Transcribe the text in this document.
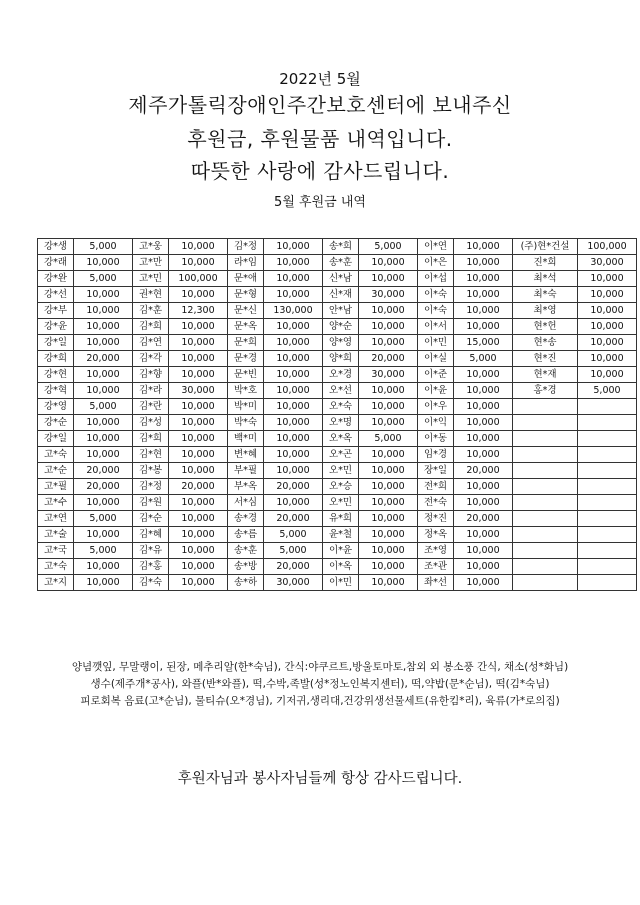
2022년 5월
제주가톨릭장애인주간보호센터에 보내주신
후원금, 후원물품 내역입니다.
따뜻한 사랑에 감사드립니다.
5월 후원금 내역
강*생	5,000	고*웅	10,000	김*정	10,000	송*희	5,000	이*연	10,000	(주)현*건설	100,000
강*래	10,000	고*만	10,000	라*임	10,000	송*훈	10,000	이*은	10,000	진*희	30,000
강*완	5,000	고*민	100,000	문*애	10,000	신*남	10,000	이*섭	10,000	최*석	10,000
강*선	10,000	권*현	10,000	문*형	10,000	신*재	30,000	이*숙	10,000	최*숙	10,000
강*부	10,000	김*훈	12,300	문*신	130,000	안*남	10,000	이*숙	10,000	최*영	10,000
강*윤	10,000	김*희	10,000	문*옥	10,000	양*순	10,000	이*서	10,000	현*헌	10,000
강*일	10,000	김*연	10,000	문*희	10,000	양*영	10,000	이*민	15,000	현*송	10,000
강*희	20,000	김*각	10,000	문*경	10,000	양*희	20,000	이*실	5,000	현*진	10,000
강*현	10,000	김*향	10,000	문*빈	10,000	오*경	30,000	이*준	10,000	현*재	10,000
강*혁	10,000	김*라	30,000	박*호	10,000	오*선	10,000	이*윤	10,000	홍*경	5,000
강*영	5,000	김*란	10,000	박*미	10,000	오*숙	10,000	이*우	10,000		
강*순	10,000	김*성	10,000	박*숙	10,000	오*명	10,000	이*익	10,000		
강*일	10,000	김*희	10,000	백*미	10,000	오*옥	5,000	이*동	10,000		
고*숙	10,000	김*현	10,000	변*혜	10,000	오*곤	10,000	임*경	10,000		
고*순	20,000	김*봉	10,000	부*필	10,000	오*민	10,000	장*일	20,000		
고*필	20,000	김*정	20,000	부*옥	20,000	오*승	10,000	전*희	10,000		
고*수	10,000	김*원	10,000	서*심	10,000	오*민	10,000	전*숙	10,000		
고*연	5,000	김*순	10,000	송*경	20,000	유*희	10,000	정*진	20,000		
고*술	10,000	김*혜	10,000	송*름	5,000	윤*철	10,000	정*옥	10,000		
고*국	5,000	김*유	10,000	송*훈	5,000	이*윤	10,000	조*영	10,000		
고*숙	10,000	김*홍	10,000	송*방	20,000	이*옥	10,000	조*관	10,000		
고*지	10,000	김*숙	10,000	송*하	30,000	이*민	10,000	좌*선	10,000		
양념깻잎, 무말랭이, 된장, 메추리알(한*숙님), 간식:야쿠르트,방울토마토,참외 외 봉소풍 간식, 채소(성*화님)
생수(제주개*공사), 와플(반*와플), 떡,수박,족발(성*정노인복지센터), 떡,약밥(문*순님), 떡(김*숙님)
피로회복 음료(고*순님), 물티슈(오*경님), 기저귀,생리대,건강위생선물세트(유한킴*리), 육류(가*로의집)
후원자님과 봉사자님들께 항상 감사드립니다.
